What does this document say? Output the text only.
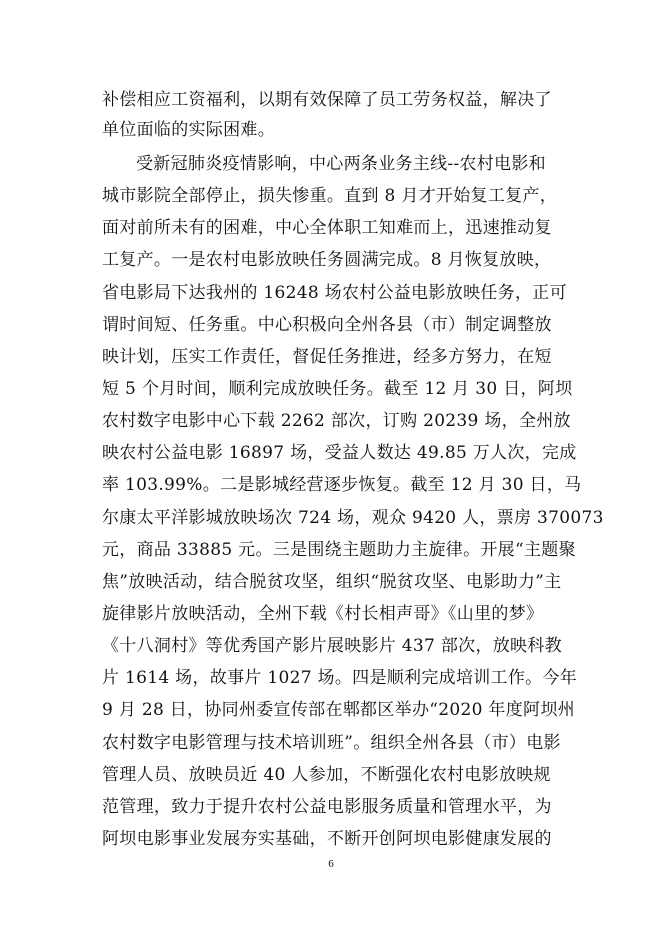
补偿相应工资福利，以期有效保障了员工劳务权益，解决了
单位面临的实际困难。
受新冠肺炎疫情影响，中心两条业务主线--农村电影和
城市影院全部停止，损失惨重。直到 8 月才开始复工复产，
面对前所未有的困难，中心全体职工知难而上，迅速推动复
工复产。一是农村电影放映任务圆满完成。8 月恢复放映，
省电影局下达我州的 16248 场农村公益电影放映任务，正可
谓时间短、任务重。中心积极向全州各县（市）制定调整放
映计划，压实工作责任，督促任务推进，经多方努力，在短
短 5 个月时间，顺利完成放映任务。截至 12 月 30 日，阿坝
农村数字电影中心下载 2262 部次，订购 20239 场，全州放
映农村公益电影 16897 场，受益人数达 49.85 万人次，完成
率 103.99%。二是影城经营逐步恢复。截至 12 月 30 日，马
尔康太平洋影城放映场次 724 场，观众 9420 人，票房 370073
元，商品 33885 元。三是围绕主题助力主旋律。开展“主题聚
焦”放映活动，结合脱贫攻坚，组织“脱贫攻坚、电影助力”主
旋律影片放映活动，全州下载《村长相声哥》《山里的梦》
《十八洞村》等优秀国产影片展映影片 437 部次，放映科教
片 1614 场，故事片 1027 场。四是顺利完成培训工作。今年
9 月 28 日，协同州委宣传部在郫都区举办“2020 年度阿坝州
农村数字电影管理与技术培训班”。组织全州各县（市）电影
管理人员、放映员近 40 人参加，不断强化农村电影放映规
范管理，致力于提升农村公益电影服务质量和管理水平，为
阿坝电影事业发展夯实基础，不断开创阿坝电影健康发展的
6
